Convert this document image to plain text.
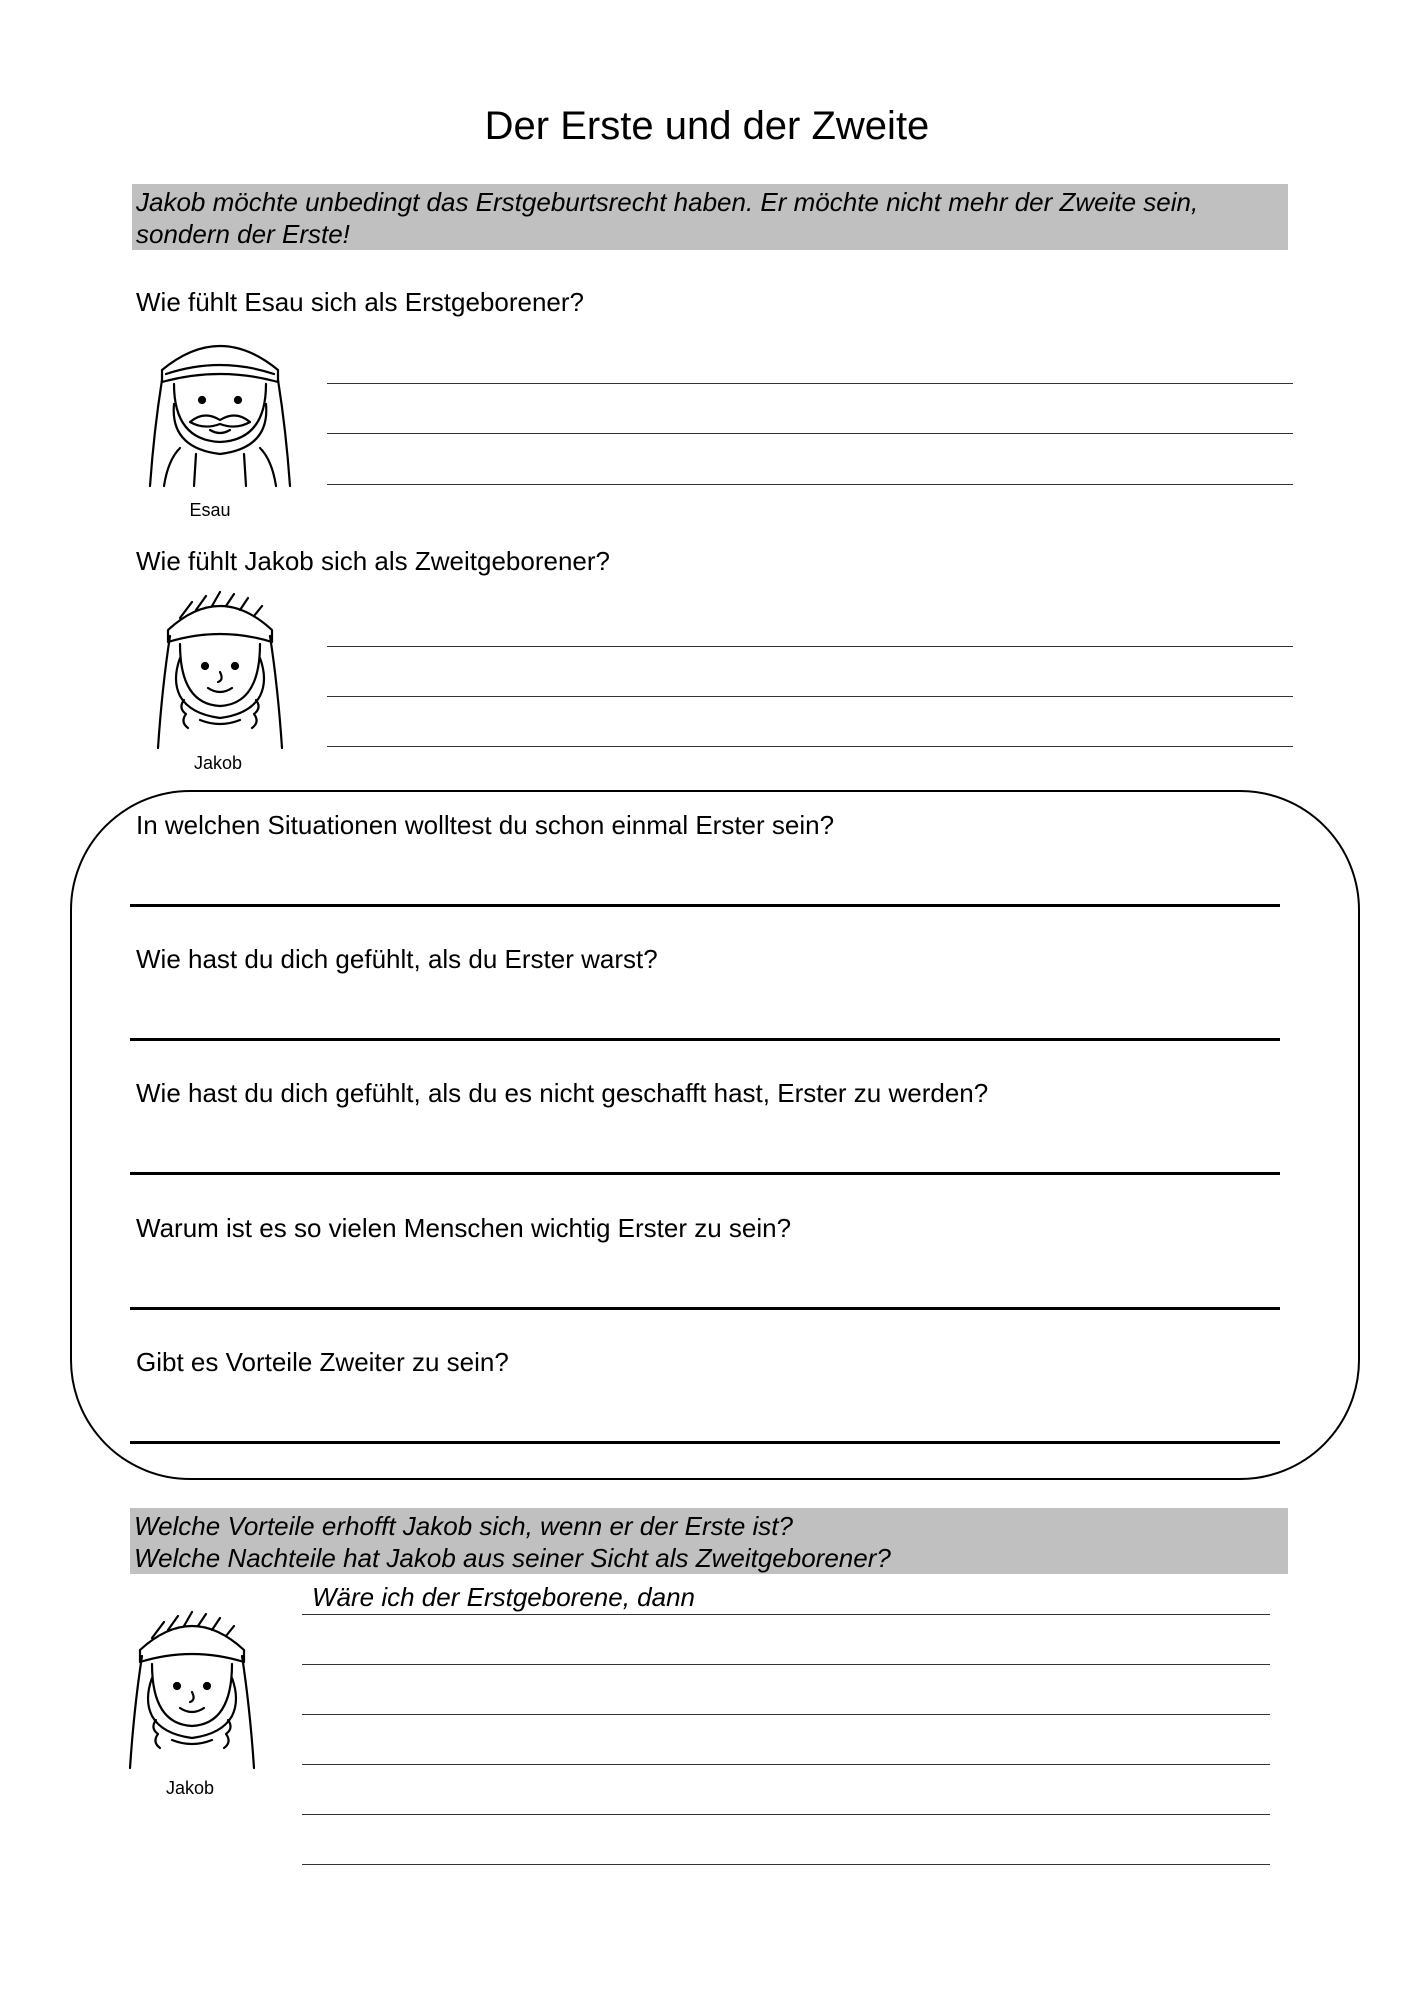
Der Erste und der Zweite
Jakob möchte unbedingt das Erstgeburtsrecht haben. Er möchte nicht mehr der Zweite sein, sondern der Erste!
Wie fühlt Esau sich als Erstgeborener?
Esau
Wie fühlt Jakob sich als Zweitgeborener?
Jakob
In welchen Situationen wolltest du schon einmal Erster sein?
Wie hast du dich gefühlt, als du Erster warst?
Wie hast du dich gefühlt, als du es nicht geschafft hast, Erster zu werden?
Warum ist es so vielen Menschen wichtig Erster zu sein?
Gibt es Vorteile Zweiter zu sein?
Welche Vorteile erhofft Jakob sich, wenn er der Erste ist?
Welche Nachteile hat Jakob aus seiner Sicht als Zweitgeborener?
Wäre ich der Erstgeborene, dann
Jakob
